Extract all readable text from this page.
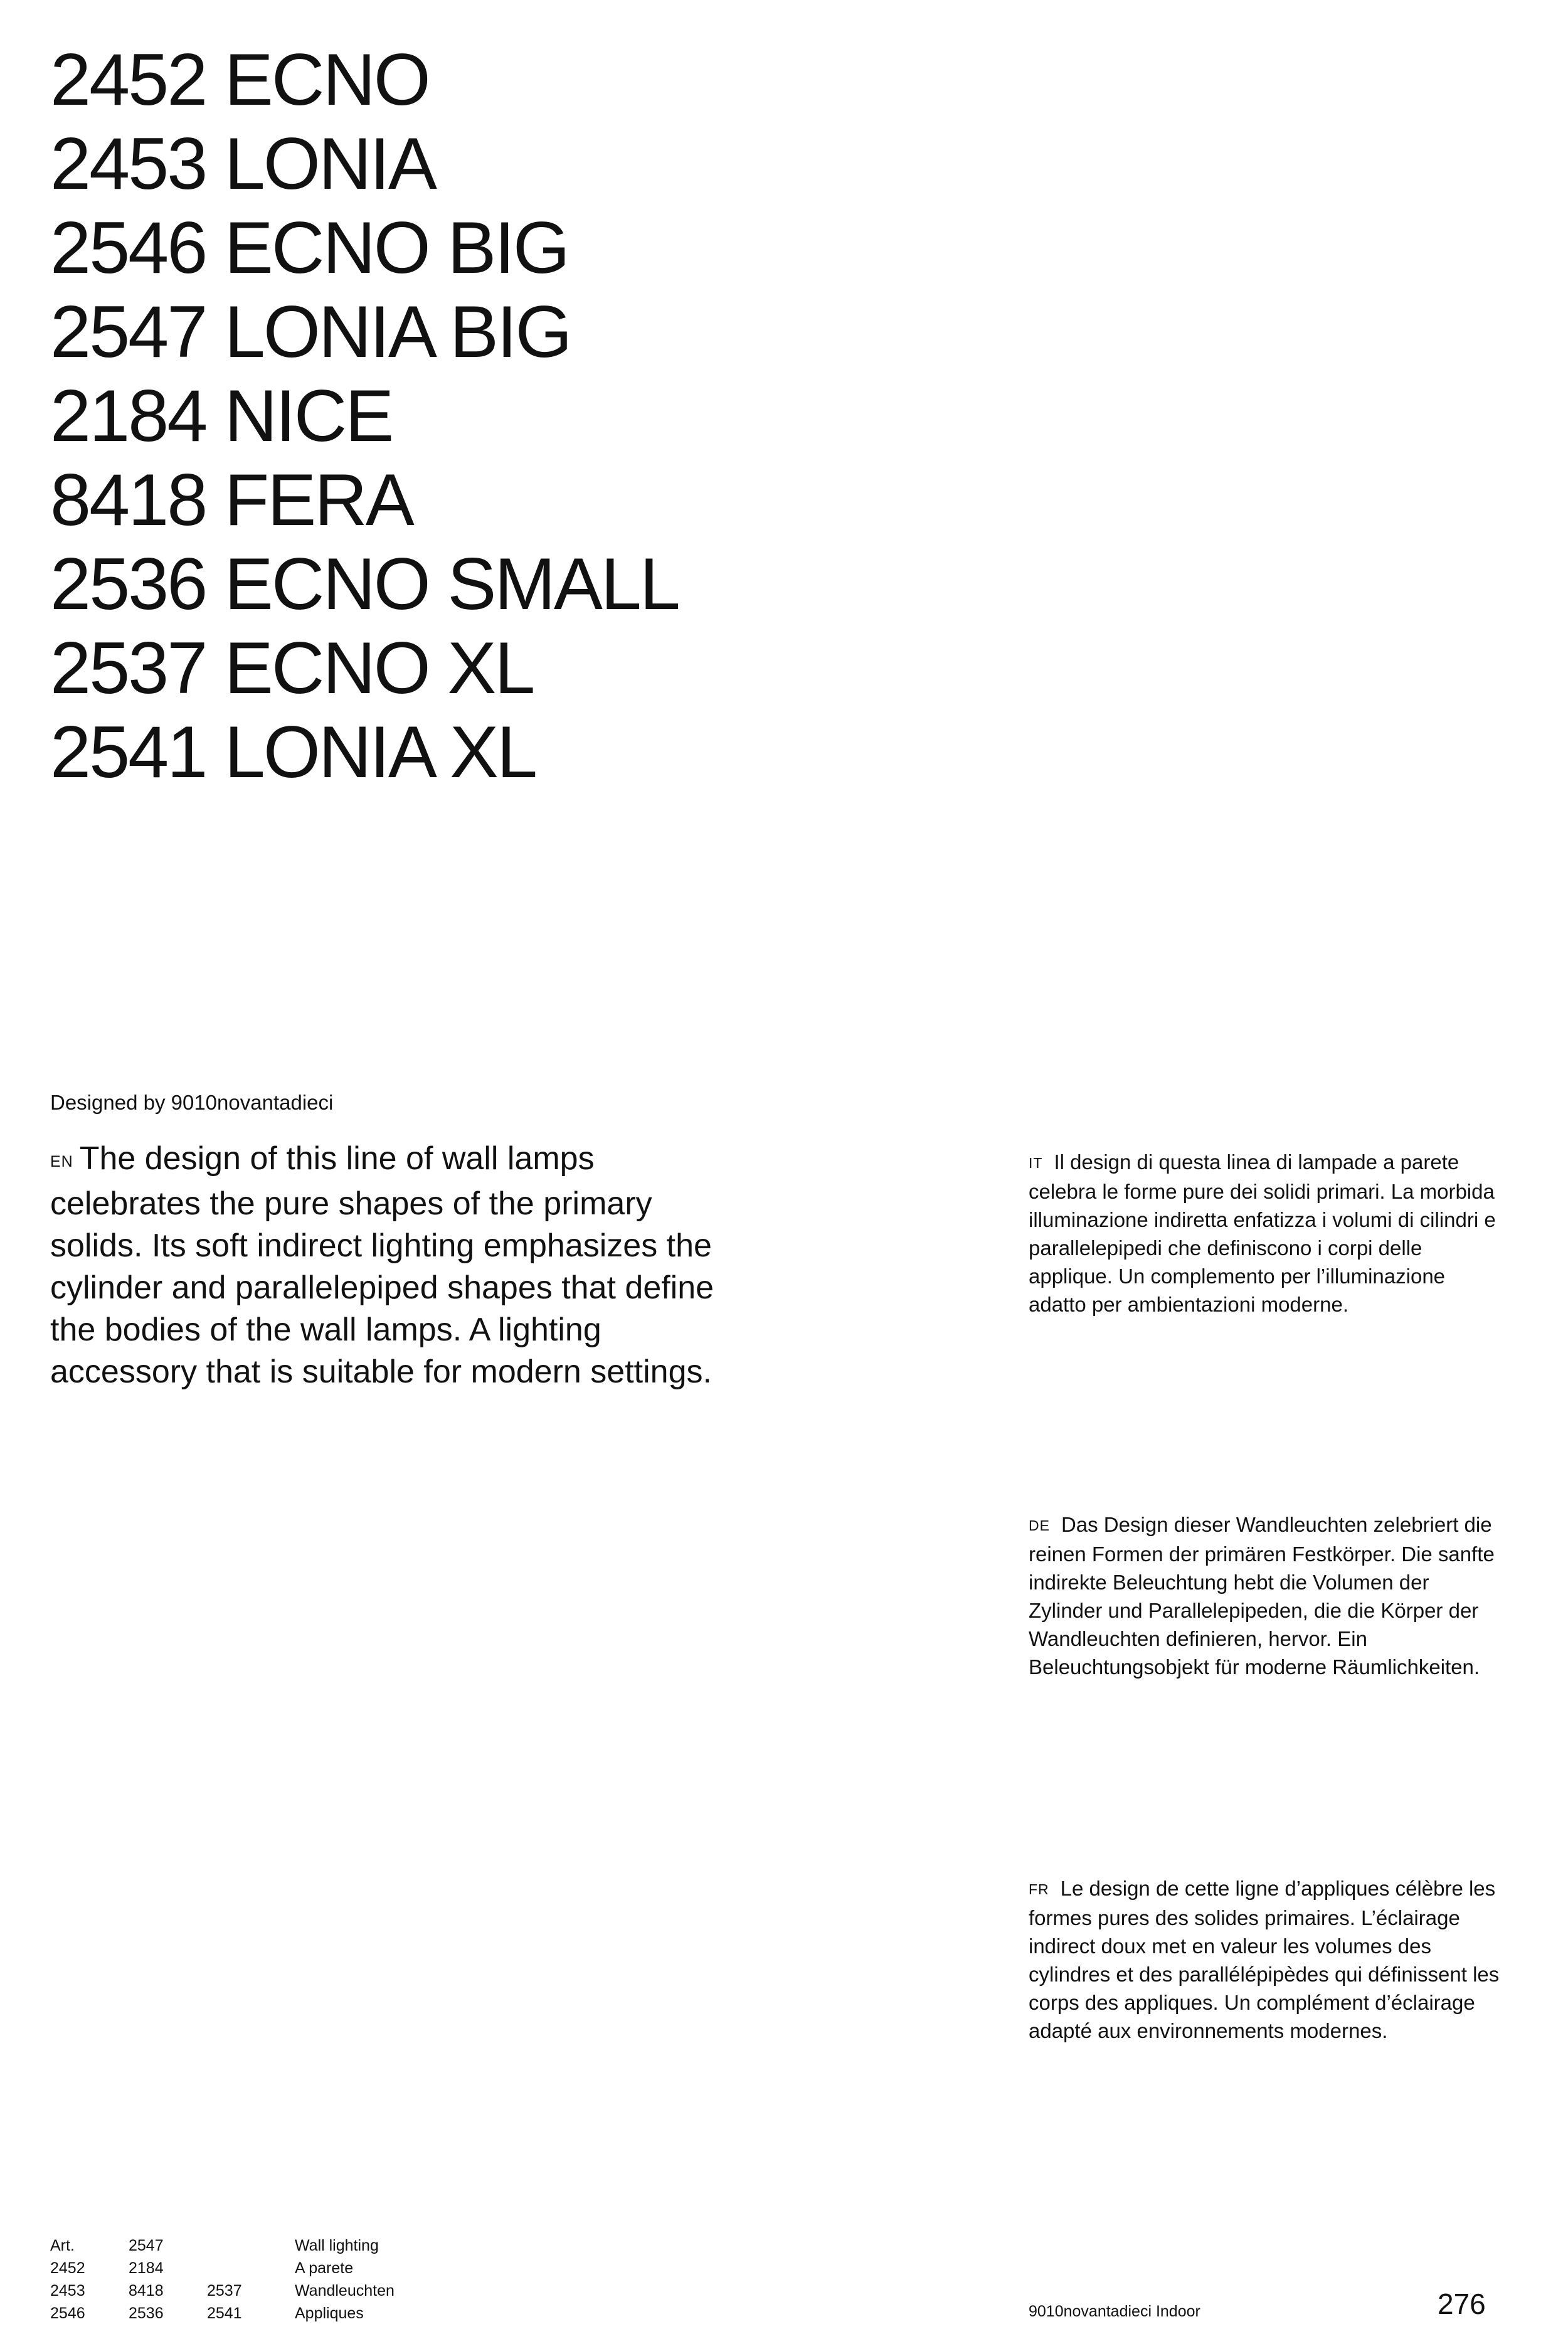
2452 ECNO
2453 LONIA
2546 ECNO BIG
2547 LONIA BIG
2184 NICE
8418 FERA
2536 ECNO SMALL
2537 ECNO XL
2541 LONIA XL
Designed by 9010novantadieci
EN The design of this line of wall lamps celebrates the pure shapes of the primary solids. Its soft indirect lighting emphasizes the cylinder and parallelepiped shapes that define the bodies of the wall lamps. A lighting accessory that is suitable for modern settings.
IT Il design di questa linea di lampade a parete celebra le forme pure dei solidi primari. La morbida illuminazione indiretta enfatizza i volumi di cilindri e parallelepipedi che definiscono i corpi delle applique. Un complemento per l’illuminazione adatto per ambientazioni moderne.
DE Das Design dieser Wandleuchten zelebriert die reinen Formen der primären Festkörper. Die sanfte indirekte Beleuchtung hebt die Volumen der Zylinder und Parallelepipeden, die die Körper der Wandleuchten definieren, hervor. Ein Beleuchtungsobjekt für moderne Räumlichkeiten.
FR Le design de cette ligne d’appliques célèbre les formes pures des solides primaires. L’éclairage indirect doux met en valeur les volumes des cylindres et des parallélépipèdes qui définissent les corps des appliques. Un complément d’éclairage adapté aux environnements modernes.
Art.	2547		Wall lighting
2452	2184		A parete
2453	8418	2537	Wandleuchten
2546	2536	2541	Appliques	9010novantadieci Indoor	276
